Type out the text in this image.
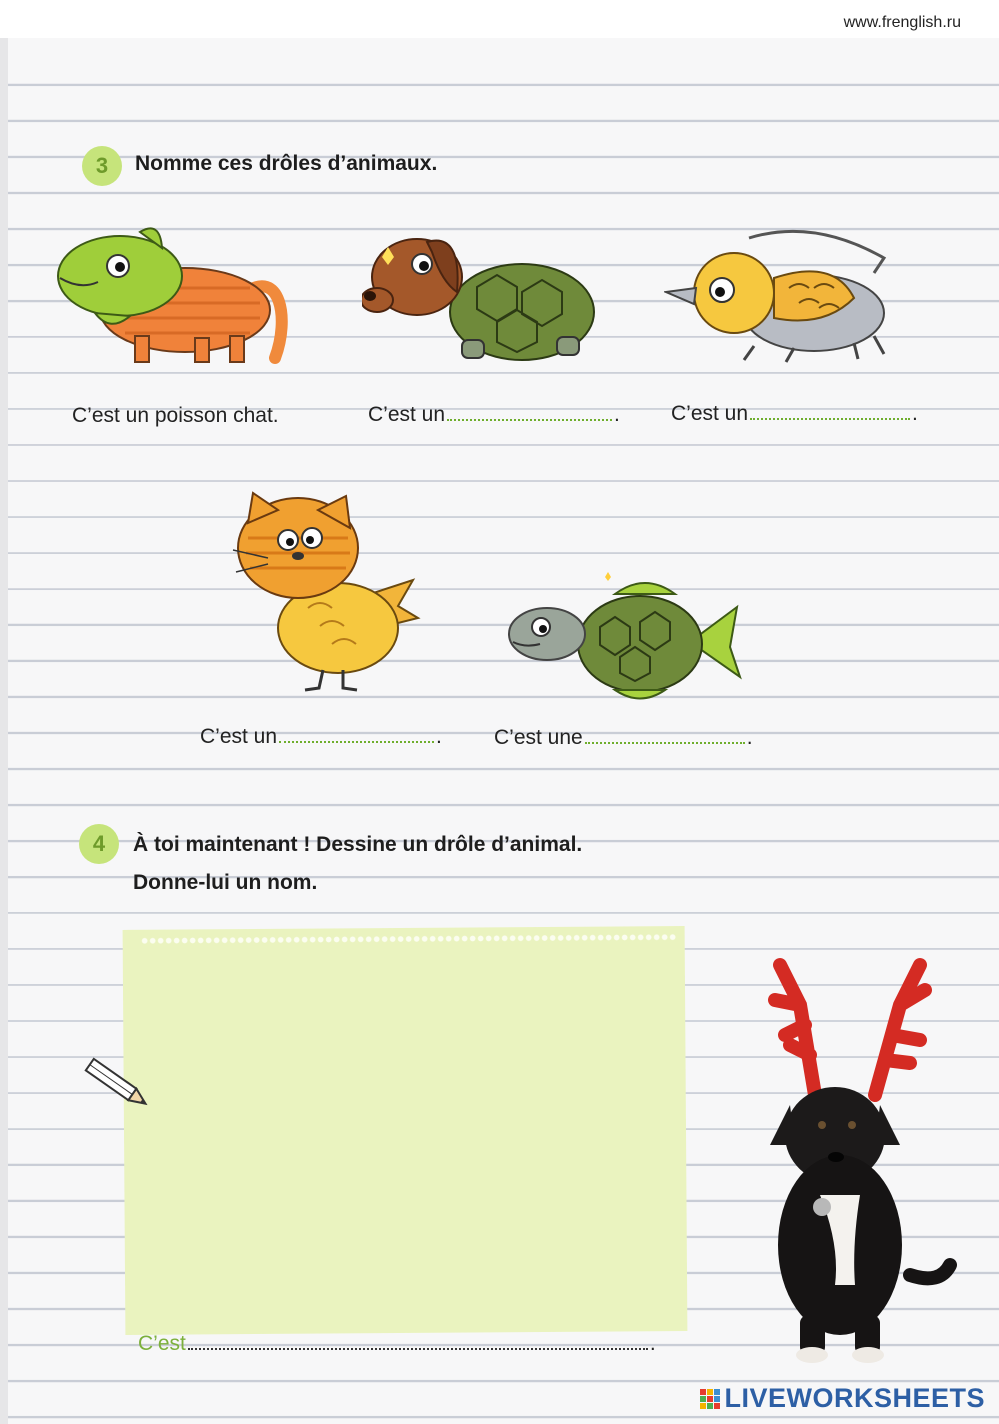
www.frenglish.ru
3	Nomme ces drôles d’animaux.
C’est un poisson chat.	C’est un	. C’est un	.
C’est un	. C’est une	.
4	À toi maintenant ! Dessine un drôle d’animal.
Donne-lui un nom.
C’est	.
LIVEWORKSHEETS
